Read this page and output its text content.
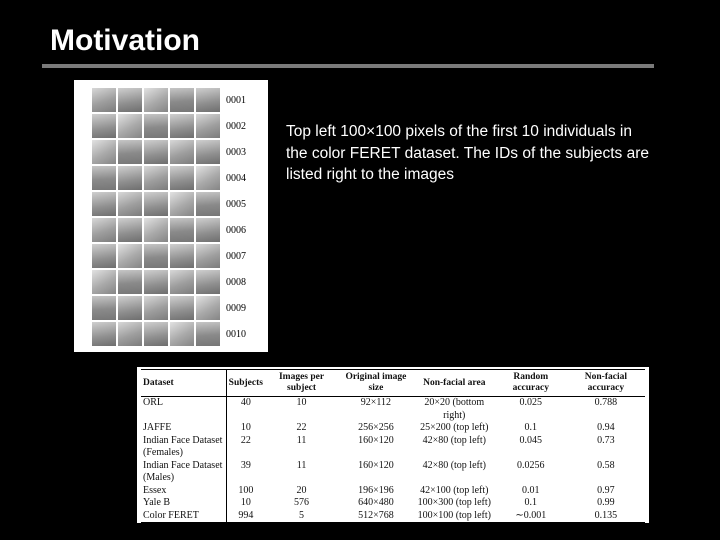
Motivation
0001
0002
0003
0004
0005
0006
0007
0008
0009
0010
Top left 100×100 pixels of the first 10 individuals in the color FERET dataset. The IDs of the subjects are listed right to the images
Dataset	Subjects	Images per subject	Original image size	Non-facial area	Random accuracy	Non-facial accuracy
ORL	40	10	92×112	20×20 (bottom right)	0.025	0.788
JAFFE	10	22	256×256	25×200 (top left)	0.1	0.94
Indian Face Dataset (Females)	22	11	160×120	42×80 (top left)	0.045	0.73
Indian Face Dataset (Males)	39	11	160×120	42×80 (top left)	0.0256	0.58
Essex	100	20	196×196	42×100 (top left)	0.01	0.97
Yale B	10	576	640×480	100×300 (top left)	0.1	0.99
Color FERET	994	5	512×768	100×100 (top left)	∼0.001	0.135
